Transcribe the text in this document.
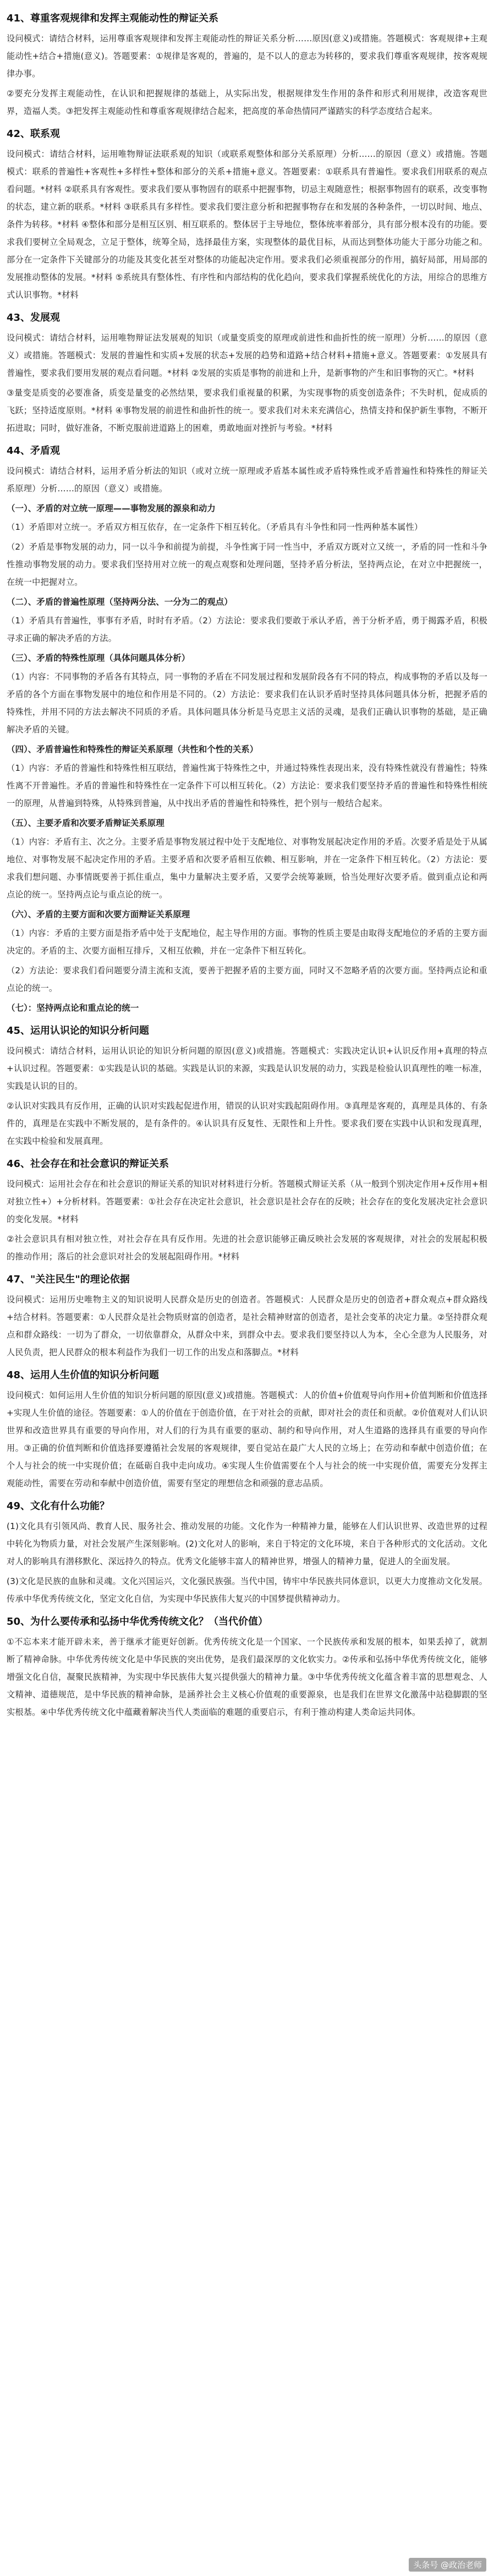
41、尊重客观规律和发挥主观能动性的辩证关系
设问模式：请结合材料，运用尊重客观规律和发挥主观能动性的辩证关系分析……原因(意义)或措施。答题模式：客观规律+主观能动性+结合+措施(意义)。答题要素：①规律是客观的，普遍的，是不以人的意志为转移的，要求我们尊重客观规律，按客观规律办事。
②要充分发挥主观能动性，在认识和把握规律的基础上，从实际出发，根据规律发生作用的条件和形式利用规律，改造客观世界，造福人类。③把发挥主观能动性和尊重客观规律结合起来，把高度的革命热情同严谨踏实的科学态度结合起来。
42、联系观
设问模式：请结合材料，运用唯物辩证法联系观的知识（或联系观整体和部分关系原理）分析……的原因（意义）或措施。答题模式：联系的普遍性+客观性+多样性+整体和部分的关系+措施+意义。答题要素：①联系具有普遍性。要求我们用联系的观点看问题。*材料 ②联系具有客观性。要求我们要从事物固有的联系中把握事物，切忌主观随意性；根据事物固有的联系，改变事物的状态，建立新的联系。*材料 ③联系具有多样性。要求我们要注意分析和把握事物存在和发展的各种条件，一切以时间、地点、条件为转移。*材料 ④整体和部分是相互区别、相互联系的。整体居于主导地位，整体统率着部分，具有部分根本没有的功能。要求我们要树立全局观念，立足于整体，统筹全局，选择最佳方案，实现整体的最优目标，从而达到整体功能大于部分功能之和。部分在一定条件下关键部分的功能及其变化甚至对整体的功能起决定作用。要求我们必须重视部分的作用，搞好局部，用局部的发展推动整体的发展。*材料 ⑤系统具有整体性、有序性和内部结构的优化趋向，要求我们掌握系统优化的方法，用综合的思维方式认识事物。*材料
43、发展观
设问模式：请结合材料，运用唯物辩证法发展观的知识（或量变质变的原理或前进性和曲折性的统一原理）分析……的原因（意义）或措施。答题模式：发展的普遍性和实质+发展的状态+发展的趋势和道路+结合材料+措施+意义。答题要素：①发展具有普遍性，要求我们要用发展的观点看问题。*材料 ②发展的实质是事物的前进和上升，是新事物的产生和旧事物的灭亡。*材料
③量变是质变的必要准备，质变是量变的必然结果，要求我们重视量的积累，为实现事物的质变创造条件；不失时机，促成质的飞跃；坚持适度原则。*材料 ④事物发展的前进性和曲折性的统一。要求我们对未来充满信心，热情支持和保护新生事物，不断开拓进取；同时，做好准备，不断克服前进道路上的困难，勇敢地面对挫折与考验。*材料
44、矛盾观
设问模式：请结合材料，运用矛盾分析法的知识（或对立统一原理或矛盾基本属性或矛盾特殊性或矛盾普遍性和特殊性的辩证关系原理）分析……的原因（意义）或措施。
（一）、矛盾的对立统一原理——事物发展的源泉和动力
（1）矛盾即对立统一。矛盾双方相互依存，在一定条件下相互转化。（矛盾具有斗争性和同一性两种基本属性）
（2）矛盾是事物发展的动力，同一以斗争和前提为前提，斗争性寓于同一性当中，矛盾双方既对立又统一，矛盾的同一性和斗争性推动事物发展的动力。要求我们坚持用对立统一的观点观察和处理问题，坚持矛盾分析法，坚持两点论，在对立中把握统一，在统一中把握对立。
（二）、矛盾的普遍性原理（坚持两分法、一分为二的观点）
（1）矛盾具有普遍性，事事有矛盾，时时有矛盾。（2）方法论：要求我们要敢于承认矛盾，善于分析矛盾，勇于揭露矛盾，积极寻求正确的解决矛盾的方法。
（三）、矛盾的特殊性原理（具体问题具体分析）
（1）内容：不同事物的矛盾各有其特点，同一事物的矛盾在不同发展过程和发展阶段各有不同的特点，构成事物的矛盾以及每一矛盾的各个方面在事物发展中的地位和作用是不同的。（2）方法论：要求我们在认识矛盾时坚持具体问题具体分析，把握矛盾的特殊性，并用不同的方法去解决不同质的矛盾。具体问题具体分析是马克思主义活的灵魂，是我们正确认识事物的基础，是正确解决矛盾的关键。
（四）、矛盾普遍性和特殊性的辩证关系原理（共性和个性的关系）
（1）内容：矛盾的普遍性和特殊性相互联结，普遍性寓于特殊性之中，并通过特殊性表现出来，没有特殊性就没有普遍性；特殊性离不开普遍性。矛盾的普遍性和特殊性在一定条件下可以相互转化。（2）方法论：要求我们要坚持矛盾的普遍性和特殊性相统一的原理，从普遍到特殊，从特殊到普遍，从中找出矛盾的普遍性和特殊性，把个别与一般结合起来。
（五）、主要矛盾和次要矛盾辩证关系原理
（1）内容：矛盾有主、次之分。主要矛盾是事物发展过程中处于支配地位、对事物发展起决定作用的矛盾。次要矛盾是处于从属地位、对事物发展不起决定作用的矛盾。主要矛盾和次要矛盾相互依赖、相互影响，并在一定条件下相互转化。（2）方法论：要求我们想问题、办事情既要善于抓住重点，集中力量解决主要矛盾，又要学会统筹兼顾，恰当处理好次要矛盾。做到重点论和两点论的统一。坚持两点论与重点论的统一。
（六）、矛盾的主要方面和次要方面辩证关系原理
（1）内容：矛盾的主要方面是指矛盾中处于支配地位，起主导作用的方面。事物的性质主要是由取得支配地位的矛盾的主要方面决定的。矛盾的主、次要方面相互排斥，又相互依赖，并在一定条件下相互转化。
（2）方法论：要求我们看问题要分清主流和支流，要善于把握矛盾的主要方面，同时又不忽略矛盾的次要方面。坚持两点论和重点论的统一。
（七）：坚持两点论和重点论的统一
45、运用认识论的知识分析问题
设问模式：请结合材料，运用认识论的知识分析问题的原因(意义)或措施。答题模式：实践决定认识+认识反作用+真理的特点+认识过程。答题要素：①实践是认识的基础。实践是认识的来源，实践是认识发展的动力，实践是检验认识真理性的唯一标准，实践是认识的目的。
②认识对实践具有反作用，正确的认识对实践起促进作用，错误的认识对实践起阻碍作用。③真理是客观的，真理是具体的、有条件的，真理是在实践中不断发展的，是有条件的。④认识具有反复性、无限性和上升性。要求我们要在实践中认识和发现真理，在实践中检验和发展真理。
46、社会存在和社会意识的辩证关系
设问模式：运用社会存在和社会意识的辩证关系的知识对材料进行分析。答题模式辩证关系（从一般到个别决定作用+反作用+相对独立性+）+分析材料。答题要素：①社会存在决定社会意识，社会意识是社会存在的反映；社会存在的变化发展决定社会意识的变化发展。*材料
②社会意识具有相对独立性，对社会存在具有反作用。先进的社会意识能够正确反映社会发展的客观规律，对社会的发展起积极的推动作用；落后的社会意识对社会的发展起阻碍作用。*材料
47、"关注民生"的理论依据
设问模式：运用历史唯物主义的知识说明人民群众是历史的创造者。答题模式：人民群众是历史的创造者+群众观点+群众路线+结合材料。答题要素：①人民群众是社会物质财富的创造者，是社会精神财富的创造者，是社会变革的决定力量。②坚持群众观点和群众路线：一切为了群众，一切依靠群众，从群众中来，到群众中去。要求我们要坚持以人为本，全心全意为人民服务，对人民负责，把人民群众的根本利益作为我们一切工作的出发点和落脚点。*材料
48、运用人生价值的知识分析问题
设问模式：如何运用人生价值的知识分析问题的原因(意义)或措施。答题模式：人的价值+价值观导向作用+价值判断和价值选择+实现人生价值的途径。答题要素：①人的价值在于创造价值，在于对社会的贡献，即对社会的责任和贡献。②价值观对人们认识世界和改造世界具有重要的导向作用，对人们的行为具有重要的驱动、制约和导向作用，对人生道路的选择具有重要的导向作用。③正确的价值判断和价值选择要遵循社会发展的客观规律，要自觉站在最广大人民的立场上；在劳动和奉献中创造价值；在个人与社会的统一中实现价值；在砥砺自我中走向成功。④实现人生价值需要在个人与社会的统一中实现价值，需要充分发挥主观能动性，需要在劳动和奉献中创造价值，需要有坚定的理想信念和顽强的意志品质。
49、文化有什么功能？
(1)文化具有引领风尚、教育人民、服务社会、推动发展的功能。文化作为一种精神力量，能够在人们认识世界、改造世界的过程中转化为物质力量，对社会发展产生深刻影响。(2)文化对人的影响，来自于特定的文化环境，来自于各种形式的文化活动。文化对人的影响具有潜移默化、深远持久的特点。优秀文化能够丰富人的精神世界，增强人的精神力量，促进人的全面发展。
(3)文化是民族的血脉和灵魂。文化兴国运兴，文化强民族强。当代中国，铸牢中华民族共同体意识，以更大力度推动文化发展。传承中华优秀传统文化，坚定文化自信，为实现中华民族伟大复兴的中国梦提供精神动力。
50、为什么要传承和弘扬中华优秀传统文化？（当代价值）
①不忘本来才能开辟未来，善于继承才能更好创新。优秀传统文化是一个国家、一个民族传承和发展的根本，如果丢掉了，就割断了精神命脉。中华优秀传统文化是中华民族的突出优势，是我们最深厚的文化软实力。②传承和弘扬中华优秀传统文化，能够增强文化自信，凝聚民族精神，为实现中华民族伟大复兴提供强大的精神力量。③中华优秀传统文化蕴含着丰富的思想观念、人文精神、道德规范，是中华民族的精神命脉，是涵养社会主义核心价值观的重要源泉，也是我们在世界文化激荡中站稳脚跟的坚实根基。④中华优秀传统文化中蕴藏着解决当代人类面临的难题的重要启示，有利于推动构建人类命运共同体。
头条号 @政治老师
